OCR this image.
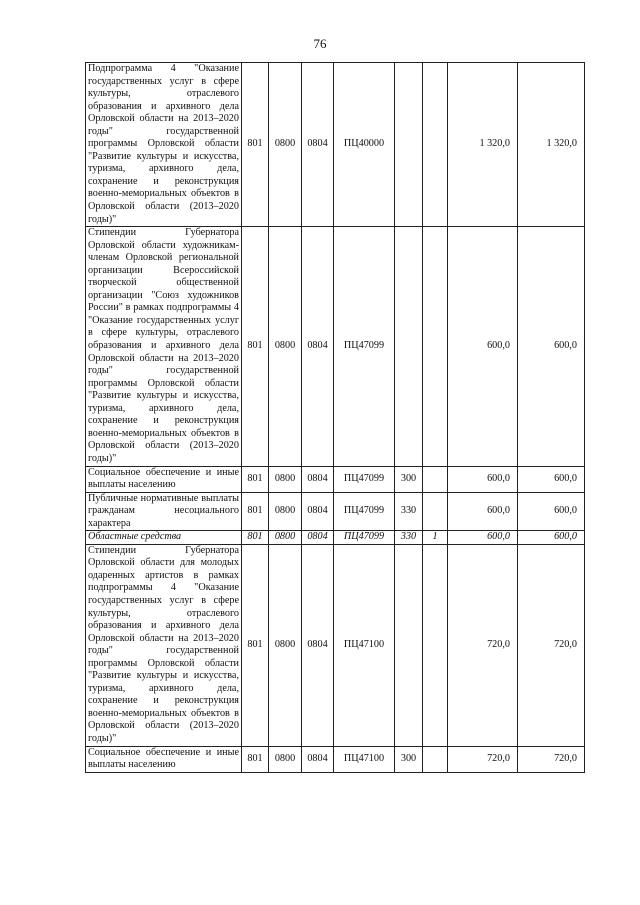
76
Подпрограмма 4 "Оказание государственных услуг в сфере культуры, отраслевого образования и архивного дела Орловской области на 2013–2020 годы" государственной программы Орловской области "Развитие культуры и искусства, туризма, архивного дела, сохранение и реконструкция военно-мемориальных объектов в Орловской области (2013–2020 годы)"	801	0800	0804	ПЦ40000			1 320,0	1 320,0
Стипендии Губернатора Орловской области художникам-членам Орловской региональной организации Всероссийской творческой общественной организации "Союз художников России" в рамках подпрограммы 4 "Оказание государственных услуг в сфере культуры, отраслевого образования и архивного дела Орловской области на 2013–2020 годы" государственной программы Орловской области "Развитие культуры и искусства, туризма, архивного дела, сохранение и реконструкция военно-мемориальных объектов в Орловской области (2013–2020 годы)"	801	0800	0804	ПЦ47099			600,0	600,0
Социальное обеспечение и иные выплаты населению	801	0800	0804	ПЦ47099	300		600,0	600,0
Публичные нормативные выплаты гражданам несоциального характера	801	0800	0804	ПЦ47099	330		600,0	600,0
Областные средства	801	0800	0804	ПЦ47099	330	1	600,0	600,0
Стипендии Губернатора Орловской области для молодых одаренных артистов в рамках подпрограммы 4 "Оказание государственных услуг в сфере культуры, отраслевого образования и архивного дела Орловской области на 2013–2020 годы" государственной программы Орловской области "Развитие культуры и искусства, туризма, архивного дела, сохранение и реконструкция военно-мемориальных объектов в Орловской области (2013–2020 годы)"	801	0800	0804	ПЦ47100			720,0	720,0
Социальное обеспечение и иные выплаты населению	801	0800	0804	ПЦ47100	300		720,0	720,0
